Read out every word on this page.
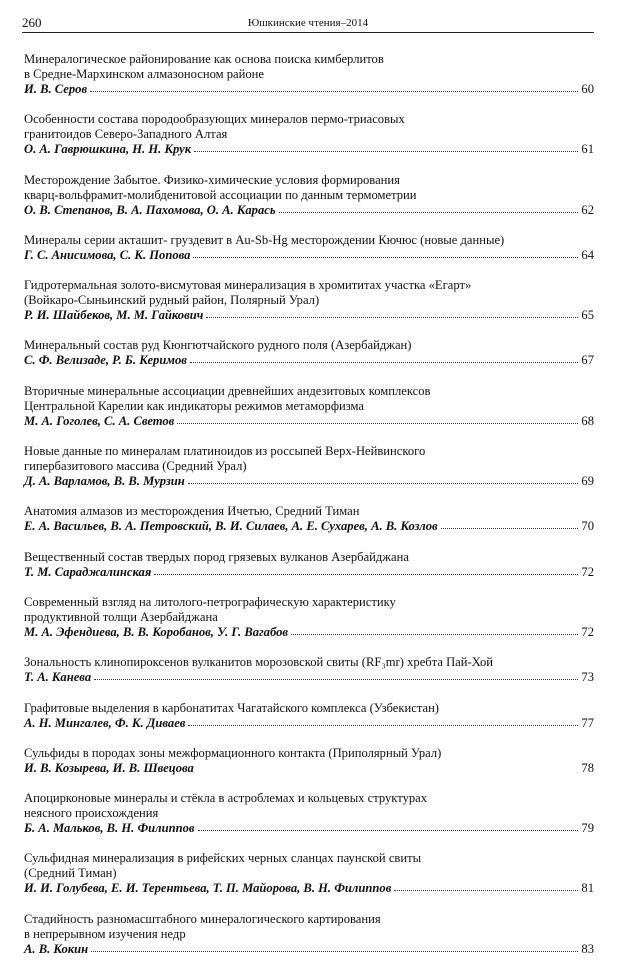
260	Юшкинские чтения–2014
Минералогическое районирование как основа поиска кимберлитов
в Средне-Мархинском алмазоносном районе
И. В. Серов	60
Особенности состава породообразующих минералов пермо-триасовых
гранитоидов Северо-Западного Алтая
О. А. Гаврюшкина, Н. Н. Крук	61
Месторождение Забытое. Физико-химические условия формирования
кварц-вольфрамит-молибденитовой ассоциации по данным термометрии
О. В. Степанов, В. А. Пахомова, О. А. Карась	62
Минералы серии акташит- груздевит в Au-Sb-Hg месторождении Кючюс (новые данные)
Г. С. Анисимова, С. К. Попова	64
Гидротермальная золото-висмутовая минерализация в хромититах участка «Егарт»
(Войкаро-Сыньинский рудный район, Полярный Урал)
Р. И. Шайбеков, М. М. Гайкович	65
Минеральный состав руд Кюнгютчайского рудного поля (Азербайджан)
С. Ф. Велизаде, Р. Б. Керимов	67
Вторичные минеральные ассоциации древнейших андезитовых комплексов
Центральной Карелии как индикаторы режимов метаморфизма
М. А. Гоголев, С. А. Светов	68
Новые данные по минералам платиноидов из россыпей Верх-Нейвинского
гипербазитового массива (Средний Урал)
Д. А. Варламов, В. В. Мурзин	69
Анатомия алмазов из месторождения Ичетью, Средний Тиман
Е. А. Васильев, В. А. Петровский, В. И. Силаев, А. Е. Сухарев, А. В. Козлов	70
Вещественный состав твердых пород грязевых вулканов Азербайджана
Т. М. Сараджалинская	72
Современный взгляд на литолого-петрографическую характеристику
продуктивной толщи Азербайджана
М. А. Эфендиева, В. В. Коробанов, У. Г. Вагабов	72
Зональность клинопироксенов вулканитов морозовской свиты (RF₃mr) хребта Пай-Хой
Т. А. Канева	73
Графитовые выделения в карбонатитах Чагатайского комплекса (Узбекистан)
А. Н. Мингалев, Ф. К. Диваев	77
Сульфиды в породах зоны межформационного контакта (Приполярный Урал)
И. В. Козырева, И. В. Швецова	78
Апоцирконовые минералы и стёкла в астроблемах и кольцевых структурах
неясного происхождения
Б. А. Мальков, В. Н. Филиппов	79
Сульфидная минерализация в рифейских черных сланцах паунской свиты
(Средний Тиман)
И. И. Голубева, Е. И. Терентьева, Т. П. Майорова, В. Н. Филиппов	81
Стадийность разномасштабного минералогического картирования
в непрерывном изучения недр
А. В. Кокин	83
